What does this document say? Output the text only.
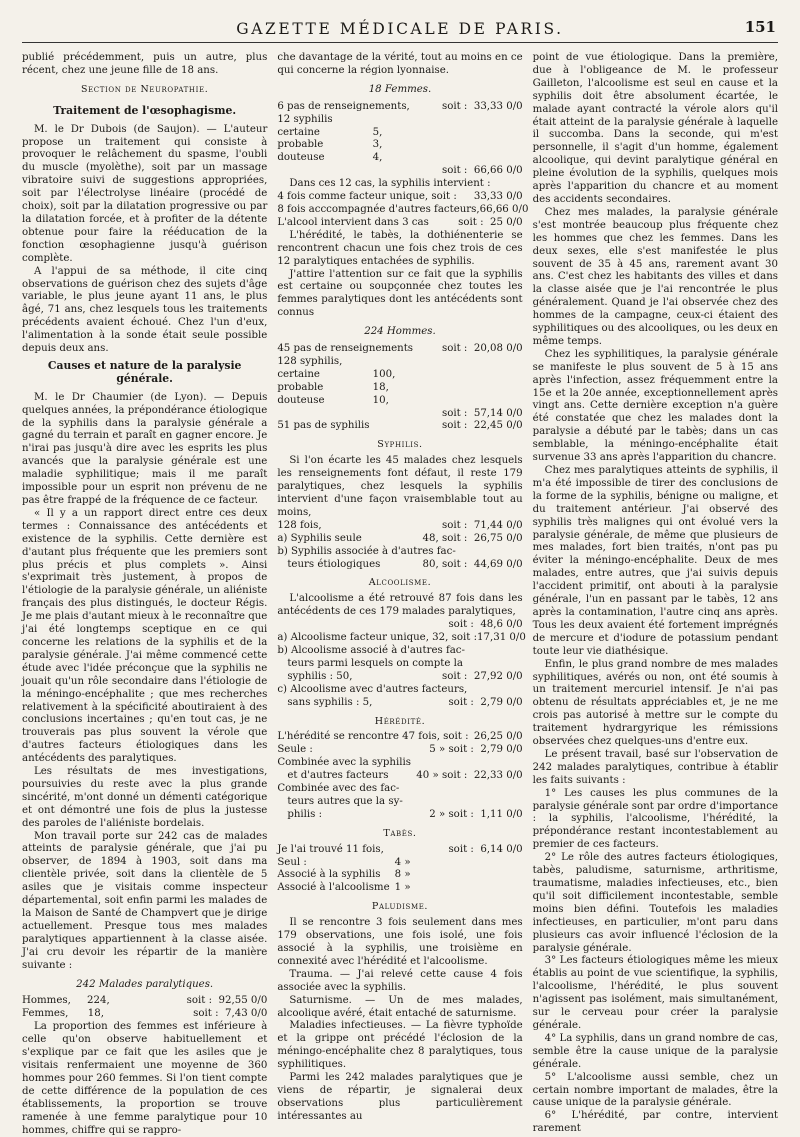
GAZETTE MÉDICALE DE PARIS.	151

publié précédemment, puis un autre, plus récent, chez une jeune fille de 18 ans.

Section de Neuropathie.
Traitement de l'œsophagisme.

M. le Dr Dubois (de Saujon). — L'auteur propose un traitement qui consiste à provoquer le relâchement du spasme, l'oubli du muscle (myolèthe), soit par un massage vibratoire suivi de suggestions appropriées, soit par l'électrolyse linéaire (procédé de choix), soit par la dilatation progressive ou par la dilatation forcée, et à profiter de la détente obtenue pour faire la rééducation de la fonction œsophagienne jusqu'à guérison complète.

A l'appui de sa méthode, il cite cinq observations de guérison chez des sujets d'âge variable, le plus jeune ayant 11 ans, le plus âgé, 71 ans, chez lesquels tous les traitements précédents avaient échoué. Chez l'un d'eux, l'alimentation à la sonde était seule possible depuis deux ans.

Causes et nature de la paralysie générale.

M. le Dr Chaumier (de Lyon). — Depuis quelques années, la prépondérance étiologique de la syphilis dans la paralysie générale a gagné du terrain et paraît en gagner encore. Je n'irai pas jusqu'à dire avec les esprits les plus avancés que la paralysie générale est une maladie syphilitique; mais il me paraît impossible pour un esprit non prévenu de ne pas être frappé de la fréquence de ce facteur.

« Il y a un rapport direct entre ces deux termes : Connaissance des antécédents et existence de la syphilis. Cette dernière est d'autant plus fréquente que les premiers sont plus précis et plus complets ». Ainsi s'exprimait très justement, à propos de l'étiologie de la paralysie générale, un aliéniste français des plus distingués, le docteur Régis. Je me plais d'autant mieux à le reconnaître que j'ai été longtemps sceptique en ce qui concerne les relations de la syphilis et de la paralysie générale. J'ai même commencé cette étude avec l'idée préconçue que la syphilis ne jouait qu'un rôle secondaire dans l'étiologie de la méningo-encéphalite ; que mes recherches relativement à la spécificité aboutiraient à des conclusions incertaines ; qu'en tout cas, je ne trouverais pas plus souvent la vérole que d'autres facteurs étiologiques dans les antécédents des paralytiques.

Les résultats de mes investigations, poursuivies du reste avec la plus grande sincérité, m'ont donné un démenti catégorique et ont démontré une fois de plus la justesse des paroles de l'aliéniste bordelais.

Mon travail porte sur 242 cas de malades atteints de paralysie générale, que j'ai pu observer, de 1894 à 1903, soit dans ma clientèle privée, soit dans la clientèle de 5 asiles que je visitais comme inspecteur départemental, soit enfin parmi les malades de la Maison de Santé de Champvert que je dirige actuellement. Presque tous mes malades paralytiques appartiennent à la classe aisée. J'ai cru devoir les répartir de la manière suivante :

242 Malades paralytiques.
Hommes, 224,	soit : 92,55 0/0
Femmes, 18,	soit : 7,43 0/0

La proportion des femmes est inférieure à celle qu'on observe habituellement et s'explique par ce fait que les asiles que je visitais renfermaient une moyenne de 360 hommes pour 260 femmes. Si l'on tient compte de cette différence de la population de ces établissements, la proportion se trouve ramenée à une femme paralytique pour 10 hommes, chiffre qui se rappro-

che davantage de la vérité, tout au moins en ce qui concerne la région lyonnaise.

18 Femmes.
6 pas de renseignements,	soit : 33,33 0/0
12 syphilis
certaine	5,
probable	3,
douteuse	4,
soit : 66,66 0/0

Dans ces 12 cas, la syphilis intervient :

4 fois comme facteur unique, soit :	33,33 0/0
8 fois acccompagnée d'autres facteurs, 66,66 0/0
L'alcool intervient dans 3 cas	soit : 25 0/0

L'hérédité, le tabès, la dothiénenterie se rencontrent chacun une fois chez trois de ces 12 paralytiques entachées de syphilis.

J'attire l'attention sur ce fait que la syphilis est certaine ou soupçonnée chez toutes les femmes paralytiques dont les antécédents sont connus

224 Hommes.
45 pas de renseignements	soit : 20,08 0/0
128 syphilis,
certaine	100,
probable	18,
douteuse	10,
soit : 57,14 0/0
51 pas de syphilis	soit : 22,45 0/0
Syphilis.

Si l'on écarte les 45 malades chez lesquels les renseignements font défaut, il reste 179 paralytiques, chez lesquels la syphilis intervient d'une façon vraisemblable tout au moins,

128 fois,	soit : 71,44 0/0
a) Syphilis seule	48, soit : 26,75 0/0
b) Syphilis associée à d'autres fac-
teurs étiologiques	80, soit : 44,69 0/0
Alcoolisme.

L'alcoolisme a été retrouvé 87 fois dans les antécédents de ces 179 malades paralytiques,

soit : 48,6 0/0
a) Alcoolisme facteur unique, 32, soit : 17,31 0/0
b) Alcoolisme associé à d'autres fac-
teurs parmi lesquels on compte la
syphilis : 50,	soit : 27,92 0/0
c) Alcoolisme avec d'autres facteurs,
sans syphilis : 5,	soit : 2,79 0/0
Hérédité.
L'hérédité se rencontre 47 fois, soit : 26,25 0/0
Seule :	5 » soit : 2,79 0/0
Combinée avec la syphilis
et d'autres facteurs	40 » soit : 22,33 0/0
Combinée avec des fac-
teurs autres que la sy-
philis :	2 » soit : 1,11 0/0
Tabès.
Je l'ai trouvé 11 fois,	soit : 6,14 0/0
Seul :	4 »
Associé à la syphilis	8 »
Associé à l'alcoolisme 1 »
Paludisme.

Il se rencontre 3 fois seulement dans mes 179 observations, une fois isolé, une fois associé à la syphilis, une troisième en connexité avec l'hérédité et l'alcoolisme.

Trauma. — J'ai relevé cette cause 4 fois associée avec la syphilis.

Saturnisme. — Un de mes malades, alcoolique avéré, était entaché de saturnisme.

Maladies infectieuses. — La fièvre typhoïde et la grippe ont précédé l'éclosion de la méningo-encéphalite chez 8 paralytiques, tous syphilitiques.

Parmi les 242 malades paralytiques que je viens de répartir, je signalerai deux observations plus particulièrement intéressantes au

point de vue étiologique. Dans la première, due à l'obligeance de M. le professeur Gailleton, l'alcoolisme est seul en cause et la syphilis doit être absolument écartée, le malade ayant contracté la vérole alors qu'il était atteint de la paralysie générale à laquelle il succomba. Dans la seconde, qui m'est personnelle, il s'agit d'un homme, également alcoolique, qui devint paralytique général en pleine évolution de la syphilis, quelques mois après l'apparition du chancre et au moment des accidents secondaires.

Chez mes malades, la paralysie générale s'est montrée beaucoup plus fréquente chez les hommes que chez les femmes. Dans les deux sexes, elle s'est manifestée le plus souvent de 35 à 45 ans, rarement avant 30 ans. C'est chez les habitants des villes et dans la classe aisée que je l'ai rencontrée le plus généralement. Quand je l'ai observée chez des hommes de la campagne, ceux-ci étaient des syphilitiques ou des alcooliques, ou les deux en même temps.

Chez les syphilitiques, la paralysie générale se manifeste le plus souvent de 5 à 15 ans après l'infection, assez fréquemment entre la 15e et la 20e année, exceptionnellement après vingt ans. Cette dernière exception n'a guère été constatée que chez les malades dont la paralysie a débuté par le tabès; dans un cas semblable, la méningo-encéphalite était survenue 33 ans après l'apparition du chancre.

Chez mes paralytiques atteints de syphilis, il m'a été impossible de tirer des conclusions de la forme de la syphilis, bénigne ou maligne, et du traitement antérieur. J'ai observé des syphilis très malignes qui ont évolué vers la paralysie générale, de même que plusieurs de mes malades, fort bien traités, n'ont pas pu éviter la méningo-encéphalite. Deux de mes malades, entre autres, que j'ai suivis depuis l'accident primitif, ont abouti à la paralysie générale, l'un en passant par le tabès, 12 ans après la contamination, l'autre cinq ans après. Tous les deux avaient été fortement imprégnés de mercure et d'iodure de potassium pendant toute leur vie diathésique.

Enfin, le plus grand nombre de mes malades syphilitiques, avérés ou non, ont été soumis à un traitement mercuriel intensif. Je n'ai pas obtenu de résultats appréciables et, je ne me crois pas autorisé à mettre sur le compte du traitement hydrargyrique les rémissions observées chez quelques-uns d'entre eux.

Le présent travail, basé sur l'observation de 242 malades paralytiques, contribue à établir les faits suivants :

1° Les causes les plus communes de la paralysie générale sont par ordre d'importance : la syphilis, l'alcoolisme, l'hérédité, la prépondérance restant incontestablement au premier de ces facteurs.

2° Le rôle des autres facteurs étiologiques, tabès, paludisme, saturnisme, arthritisme, traumatisme, maladies infectieuses, etc., bien qu'il soit difficilement incontestable, semble moins bien défini. Toutefois les maladies infectieuses, en particulier, m'ont paru dans plusieurs cas avoir influencé l'éclosion de la paralysie générale.

3° Les facteurs étiologiques même les mieux établis au point de vue scientifique, la syphilis, l'alcoolisme, l'hérédité, le plus souvent n'agissent pas isolément, mais simultanément, sur le cerveau pour créer la paralysie générale.

4° La syphilis, dans un grand nombre de cas, semble être la cause unique de la paralysie générale.

5° L'alcoolisme aussi semble, chez un certain nombre important de malades, être la cause unique de la paralysie générale.

6° L'hérédité, par contre, intervient rarement
